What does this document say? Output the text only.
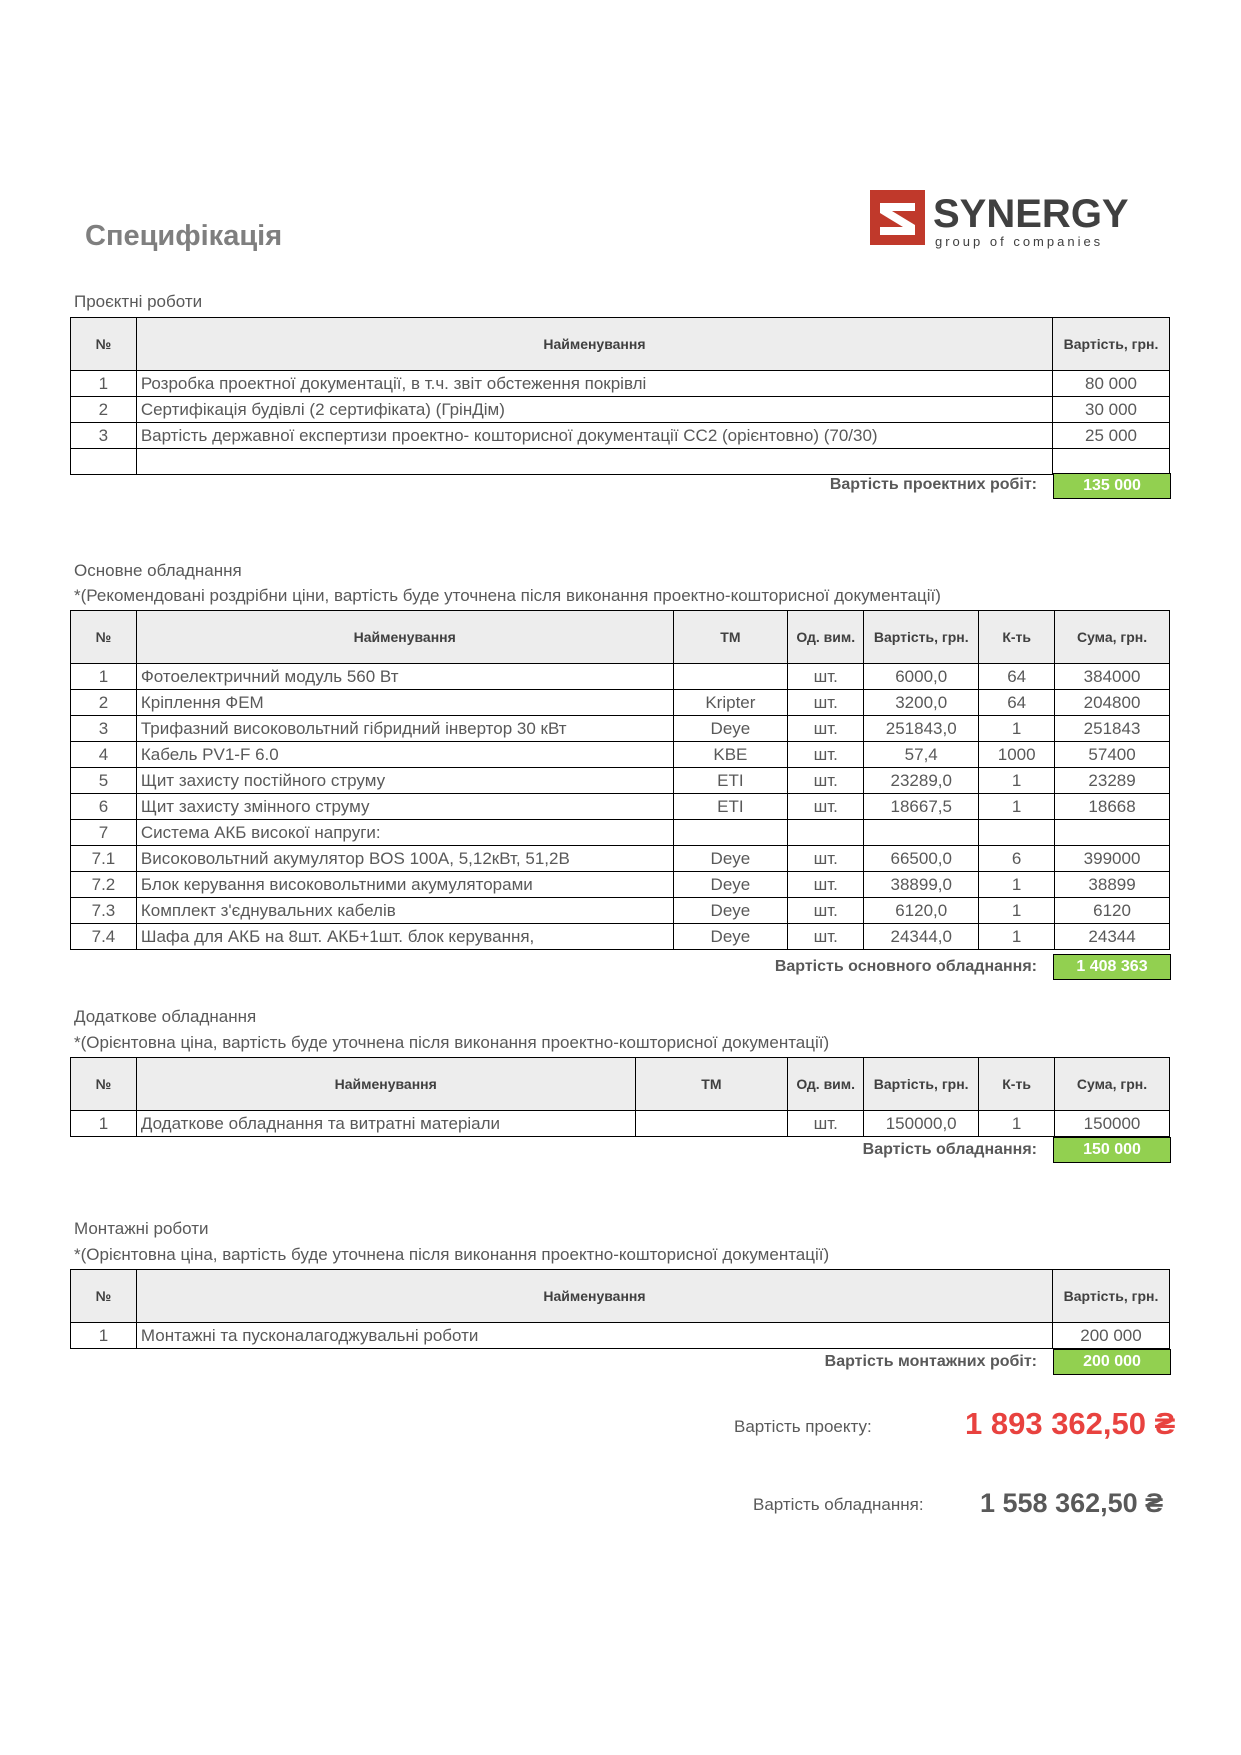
Специфікація	SYNERGY
group of companies
Проєктні роботи
№	Найменування	Вартість, грн.
1	Розробка проектної документації, в т.ч. звіт обстеження покрівлі	80 000
2	Сертифікація будівлі (2 сертифіката) (ГрінДім)	30 000
3	Вартість державної експертизи проектно- кошторисної документації СС2 (орієнтовно) (70/30)	25 000

Вартість проектних робіт:	135 000
Основне обладнання
*(Рекомендовані роздрібни ціни, вартість буде уточнена після виконання проектно-кошторисної документації)
№	Найменування	ТМ	Од. вим.	Вартість, грн.	К-ть	Сума, грн.
1	Фотоелектричний модуль 560 Вт		шт.	6000,0	64	384000
2	Кріплення ФЕМ	Kripter	шт.	3200,0	64	204800
3	Трифазний високовольтний гібридний інвертор 30 кВт	Deye	шт.	251843,0	1	251843
4	Кабель PV1-F 6.0	KBE	шт.	57,4	1000	57400
5	Щит захисту постійного струму	ETI	шт.	23289,0	1	23289
6	Щит захисту змінного струму	ETI	шт.	18667,5	1	18668
7	Система АКБ високої напруги:					
7.1	Високовольтний акумулятор BOS 100А, 5,12кВт, 51,2В	Deye	шт.	66500,0	6	399000
7.2	Блок керування високовольтними акумуляторами	Deye	шт.	38899,0	1	38899
7.3	Комплект з'єднувальних кабелів	Deye	шт.	6120,0	1	6120
7.4	Шафа для АКБ на 8шт. АКБ+1шт. блок керування,	Deye	шт.	24344,0	1	24344
Вартість основного обладнання:	1 408 363
Додаткове обладнання
*(Орієнтовна ціна, вартість буде уточнена після виконання проектно-кошторисної документації)
№	Найменування	ТМ	Од. вим.	Вартість, грн.	К-ть	Сума, грн.
1	Додаткове обладнання та витратні матеріали		шт.	150000,0	1	150000
Вартість обладнання:	150 000
Монтажні роботи
*(Орієнтовна ціна, вартість буде уточнена після виконання проектно-кошторисної документації)
№	Найменування	Вартість, грн.
1	Монтажні та пусконалагоджувальні роботи	200 000
Вартість монтажних робіт:	200 000
Вартість проекту:	1 893 362,50 ₴
Вартість обладнання: 1 558 362,50 ₴
